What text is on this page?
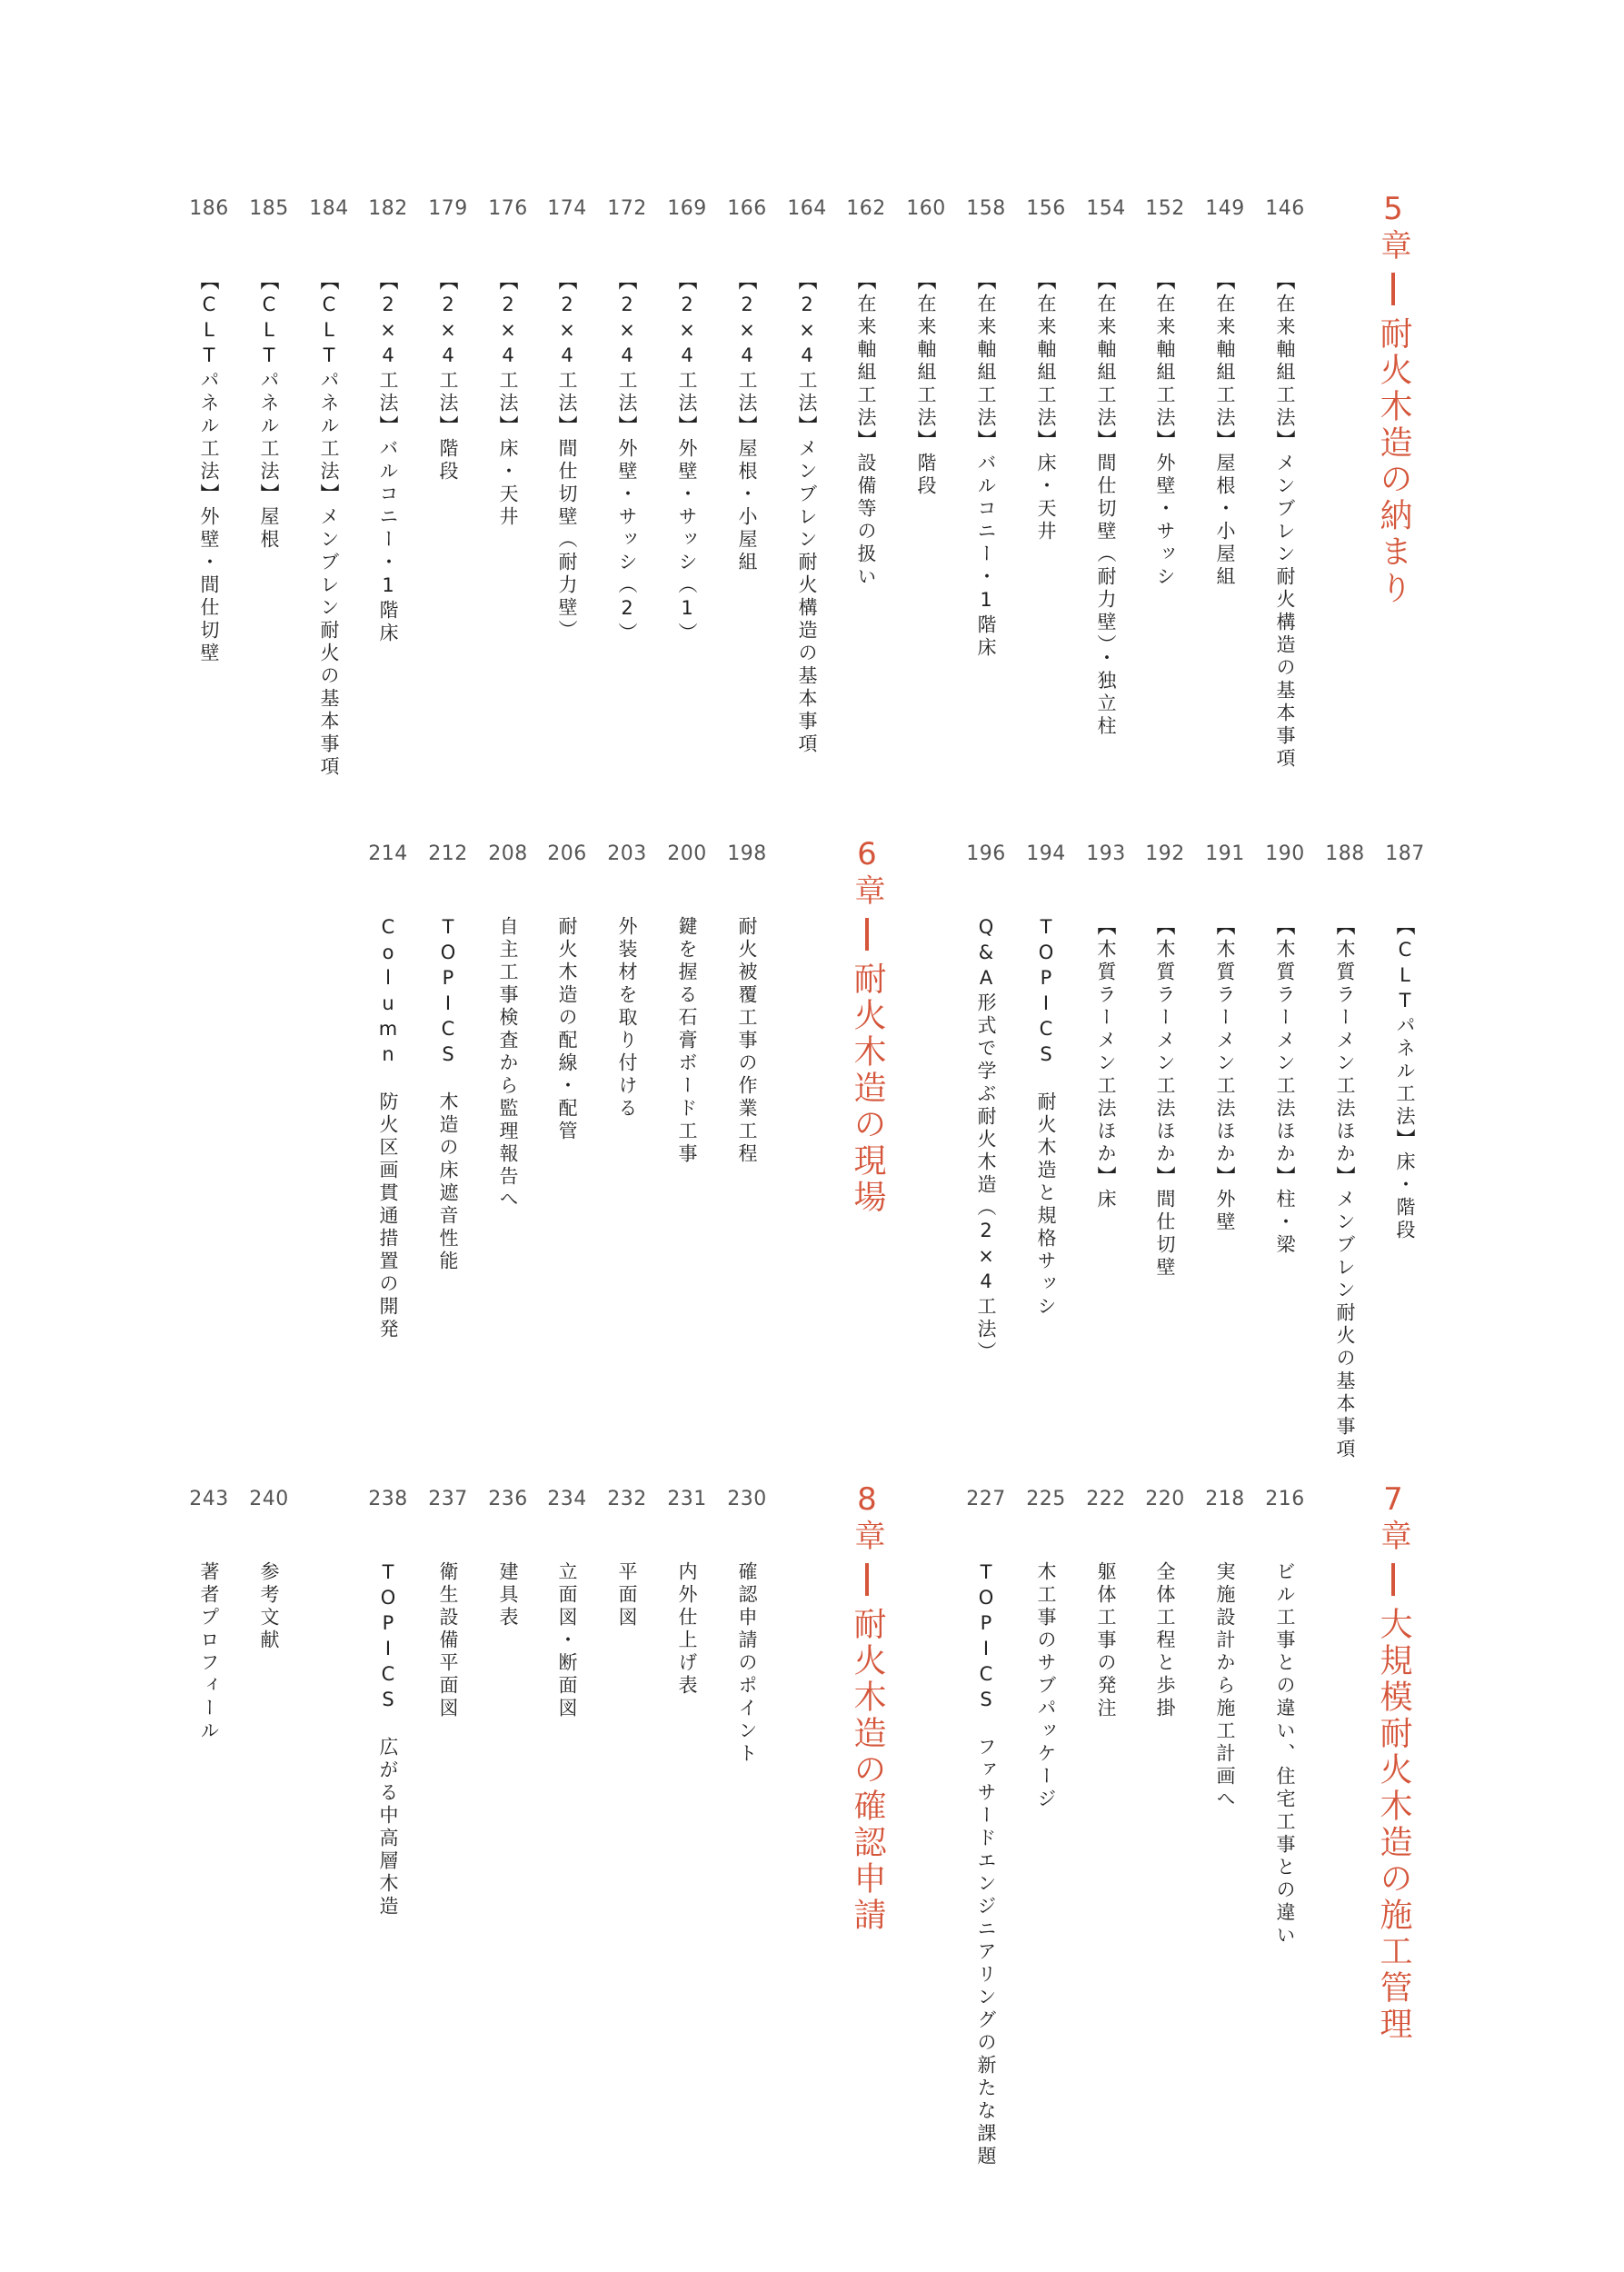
5章
耐火木造の納まり
146
【在来軸組工法】メンブレン耐火構造の基本事項
149
【在来軸組工法】屋根・小屋組
152
【在来軸組工法】外壁・サッシ
154
【在来軸組工法】間仕切壁（耐力壁）・独立柱
156
【在来軸組工法】床・天井
158
【在来軸組工法】バルコニー・1階床
160
【在来軸組工法】階段
162
【在来軸組工法】設備等の扱い
164
【2×4工法】メンブレン耐火構造の基本事項
166
【2×4工法】屋根・小屋組
169
【2×4工法】外壁・サッシ（1）
172
【2×4工法】外壁・サッシ（2）
174
【2×4工法】間仕切壁（耐力壁）
176
【2×4工法】床・天井
179
【2×4工法】階段
182
【2×4工法】バルコニー・1階床
184
【CLTパネル工法】メンブレン耐火の基本事項
185
【CLTパネル工法】屋根
186
【CLTパネル工法】外壁・間仕切壁
187
【CLTパネル工法】床・階段
188
【木質ラーメン工法ほか】メンブレン耐火の基本事項
190
【木質ラーメン工法ほか】柱・梁
191
【木質ラーメン工法ほか】外壁
192
【木質ラーメン工法ほか】間仕切壁
193
【木質ラーメン工法ほか】床
194
TOPICS　耐火木造と規格サッシ
196
Q&A形式で学ぶ耐火木造（2×4工法）
6章
耐火木造の現場
198
耐火被覆工事の作業工程
200
鍵を握る石膏ボード工事
203
外装材を取り付ける
206
耐火木造の配線・配管
208
自主工事検査から監理報告へ
212
TOPICS　木造の床遮音性能
214
Column　防火区画貫通措置の開発
7章
大規模耐火木造の施工管理
216
ビル工事との違い、住宅工事との違い
218
実施設計から施工計画へ
220
全体工程と歩掛
222
躯体工事の発注
225
木工事のサブパッケージ
227
TOPICS　ファサードエンジニアリングの新たな課題
8章
耐火木造の確認申請
230
確認申請のポイント
231
内外仕上げ表
232
平面図
234
立面図・断面図
236
建具表
237
衛生設備平面図
238
TOPICS　広がる中高層木造
240
参考文献
243
著者プロフィール
